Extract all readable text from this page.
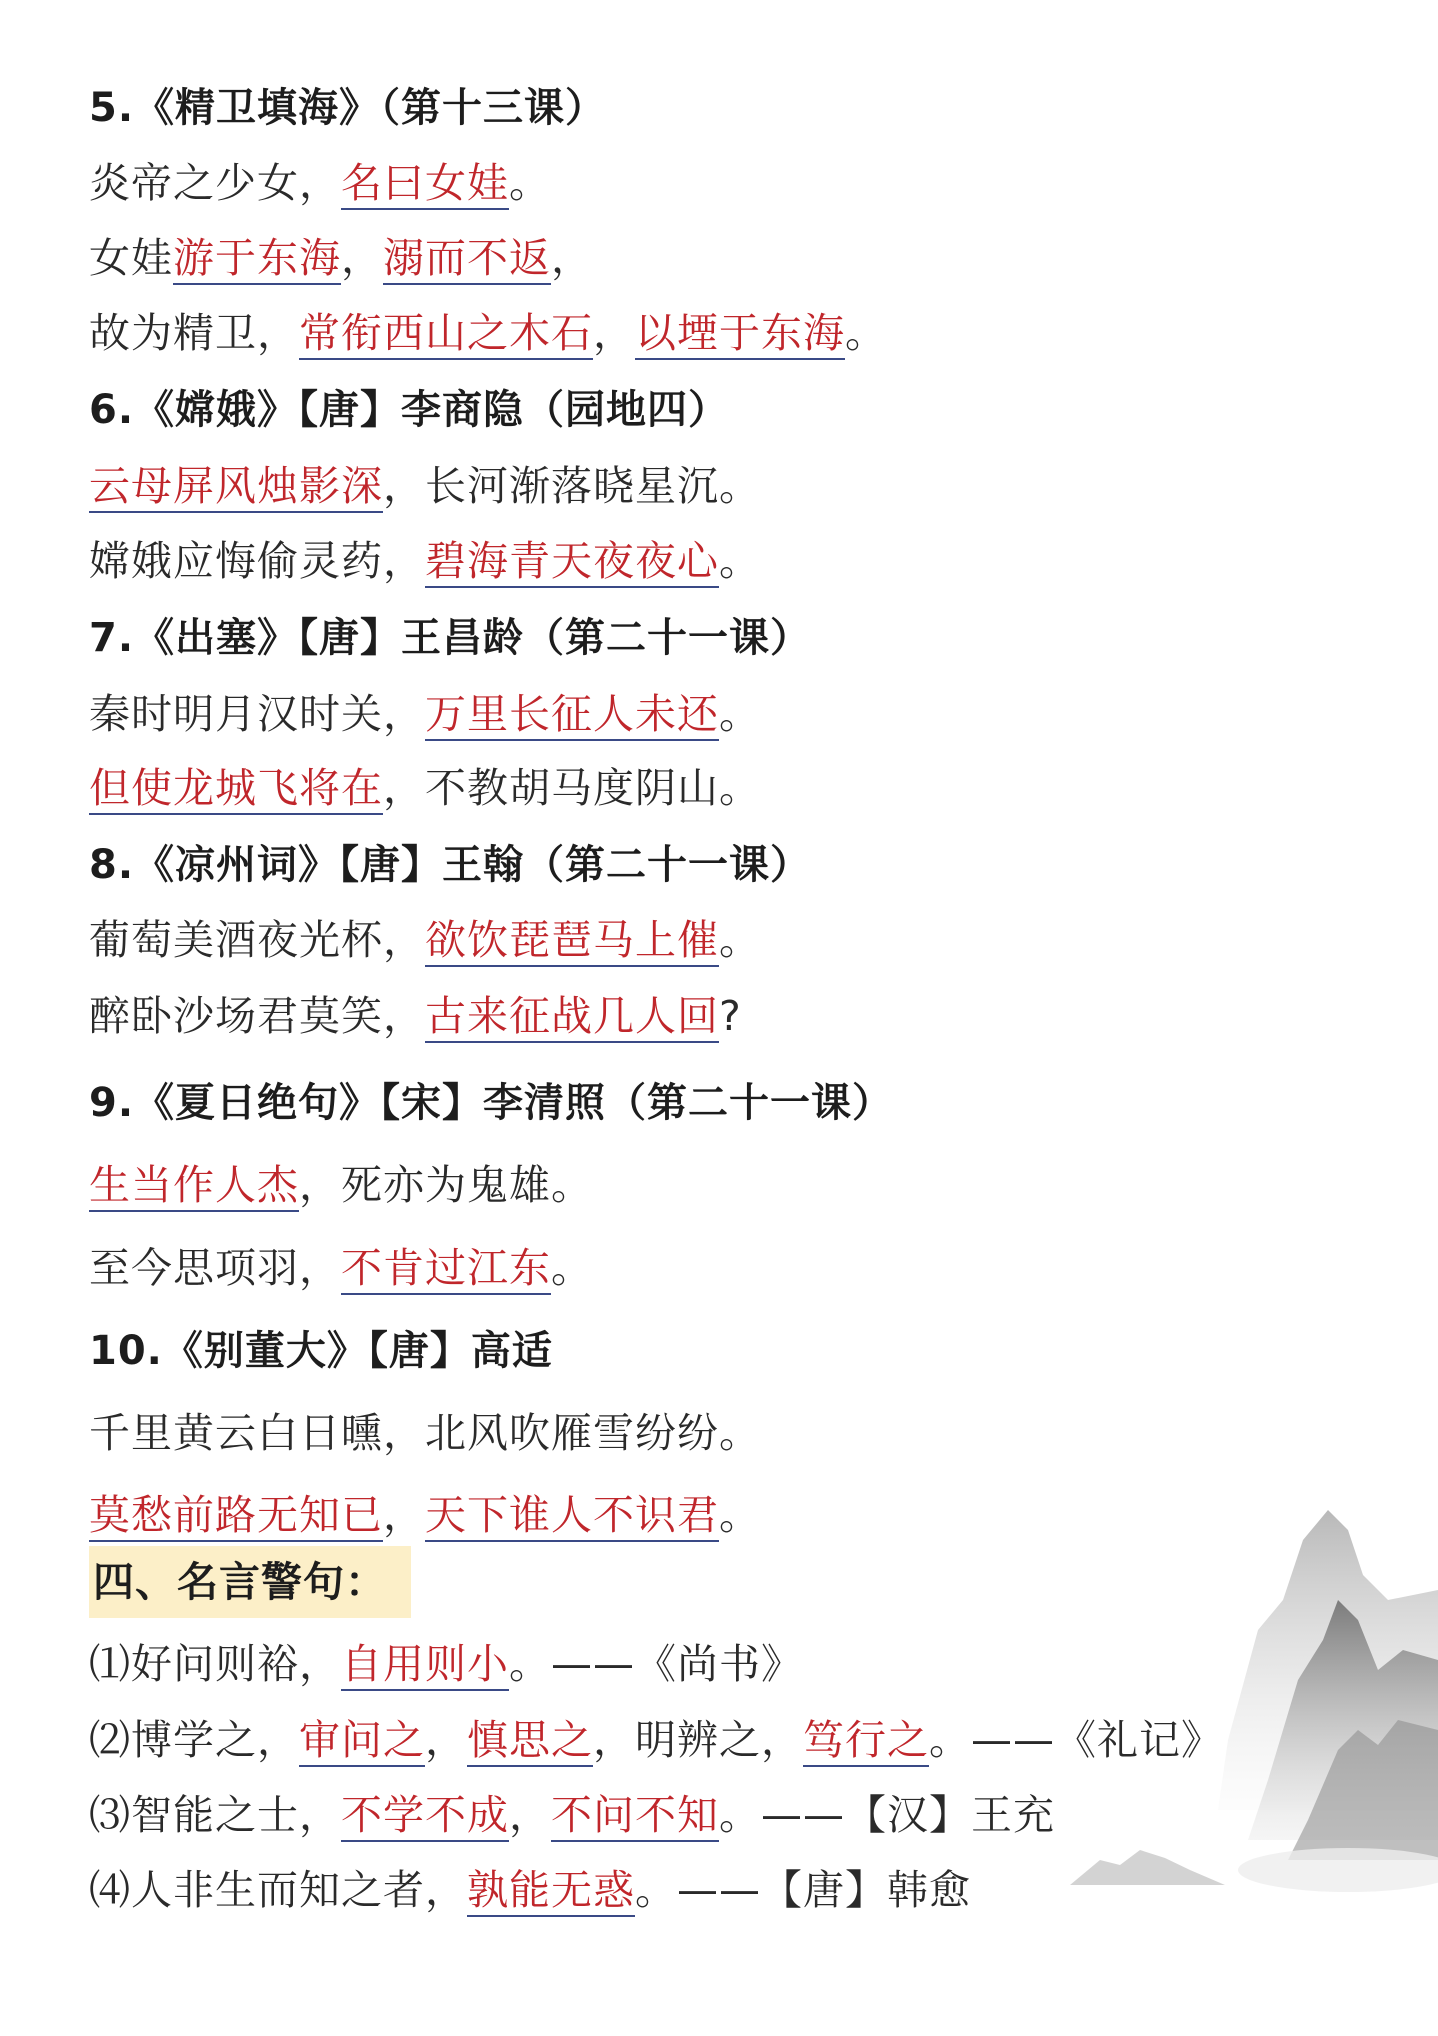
5.《精卫填海》（第十三课）
炎帝之少女，名曰女娃。
女娃游于东海，溺而不返，
故为精卫，常衔西山之木石，以堙于东海。
6.《嫦娥》【唐】李商隐（园地四）
云母屏风烛影深，长河渐落晓星沉。
嫦娥应悔偷灵药，碧海青天夜夜心。
7.《出塞》【唐】王昌龄（第二十一课）
秦时明月汉时关，万里长征人未还。
但使龙城飞将在，不教胡马度阴山。
8.《凉州词》【唐】王翰（第二十一课）
葡萄美酒夜光杯，欲饮琵琶马上催。
醉卧沙场君莫笑，古来征战几人回?
9.《夏日绝句》【宋】李清照（第二十一课）
生当作人杰，死亦为鬼雄。
至今思项羽，不肯过江东。
10.《别董大》【唐】高适
千里黄云白日曛，北风吹雁雪纷纷。
莫愁前路无知已，天下谁人不识君。
四、名言警句：
⑴好问则裕，自用则小。——《尚书》
⑵博学之，审问之，慎思之，明辨之，笃行之。——《礼记》
⑶智能之士，不学不成，不问不知。——【汉】王充
⑷人非生而知之者，孰能无惑。——【唐】韩愈
